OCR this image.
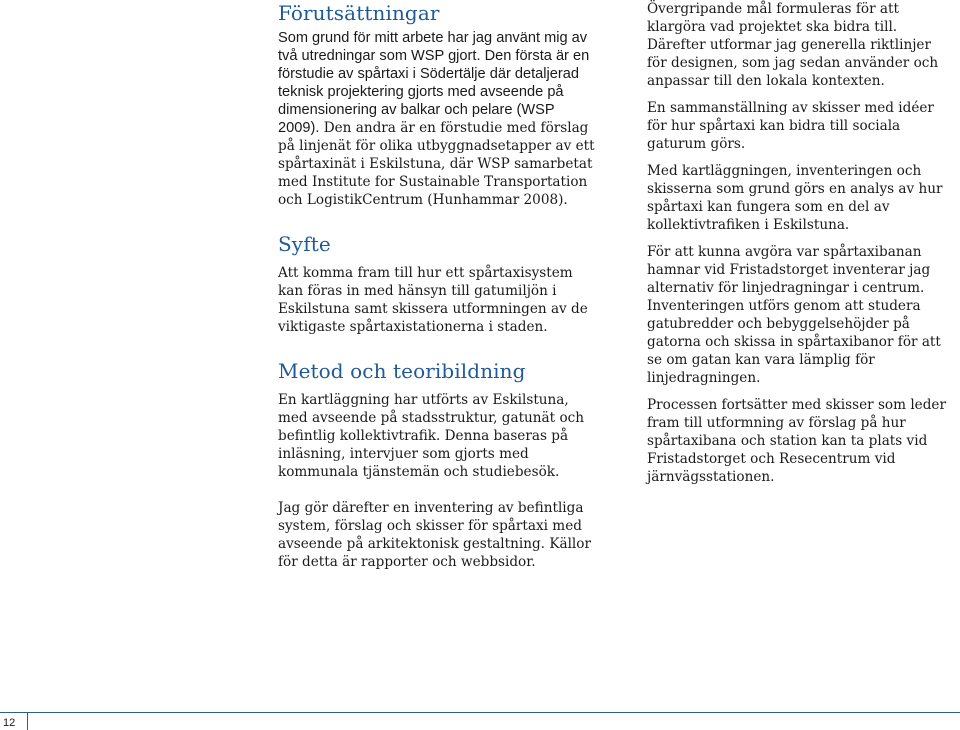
Förutsättningar

Som grund för mitt arbete har jag använt mig av två utredningar som WSP gjort. Den första är en förstudie av spårtaxi i Södertälje där detaljerad teknisk projektering gjorts med avseende på dimensionering av balkar och pelare (WSP 2009). Den andra är en förstudie med förslag på linjenät för olika utbyggnadsetapper av ett spårtaxinät i Eskilstuna, där WSP samarbetat med Institute for Sustainable Transportation och LogistikCentrum (Hunhammar 2008).

Syfte

Att komma fram till hur ett spårtaxisystem kan föras in med hänsyn till gatumiljön i Eskilstuna samt skissera utformningen av de viktigaste spårtaxistationerna i staden.

Metod och teoribildning

En kartläggning har utförts av Eskilstuna, med avseende på stadsstruktur, gatunät och befintlig kollektivtrafik. Denna baseras på inläsning, intervjuer som gjorts med kommunala tjänstemän och studiebesök.

Jag gör därefter en inventering av befintliga system, förslag och skisser för spårtaxi med avseende på arkitektonisk gestaltning. Källor för detta är rapporter och webbsidor.

Övergripande mål formuleras för att klargöra vad projektet ska bidra till. Därefter utformar jag generella riktlinjer för designen, som jag sedan använder och anpassar till den lokala kontexten.

En sammanställning av skisser med idéer för hur spårtaxi kan bidra till sociala gaturum görs.

Med kartläggningen, inventeringen och skisserna som grund görs en analys av hur spårtaxi kan fungera som en del av kollektivtrafiken i Eskilstuna.

För att kunna avgöra var spårtaxibanan hamnar vid Fristadstorget inventerar jag alternativ för linjedragningar i centrum. Inventeringen utförs genom att studera gatubredder och bebyggelsehöjder på gatorna och skissa in spårtaxibanor för att se om gatan kan vara lämplig för linjedragningen.

Processen fortsätter med skisser som leder fram till utformning av förslag på hur spårtaxibana och station kan ta plats vid Fristadstorget och Resecentrum vid järnvägsstationen.

12
